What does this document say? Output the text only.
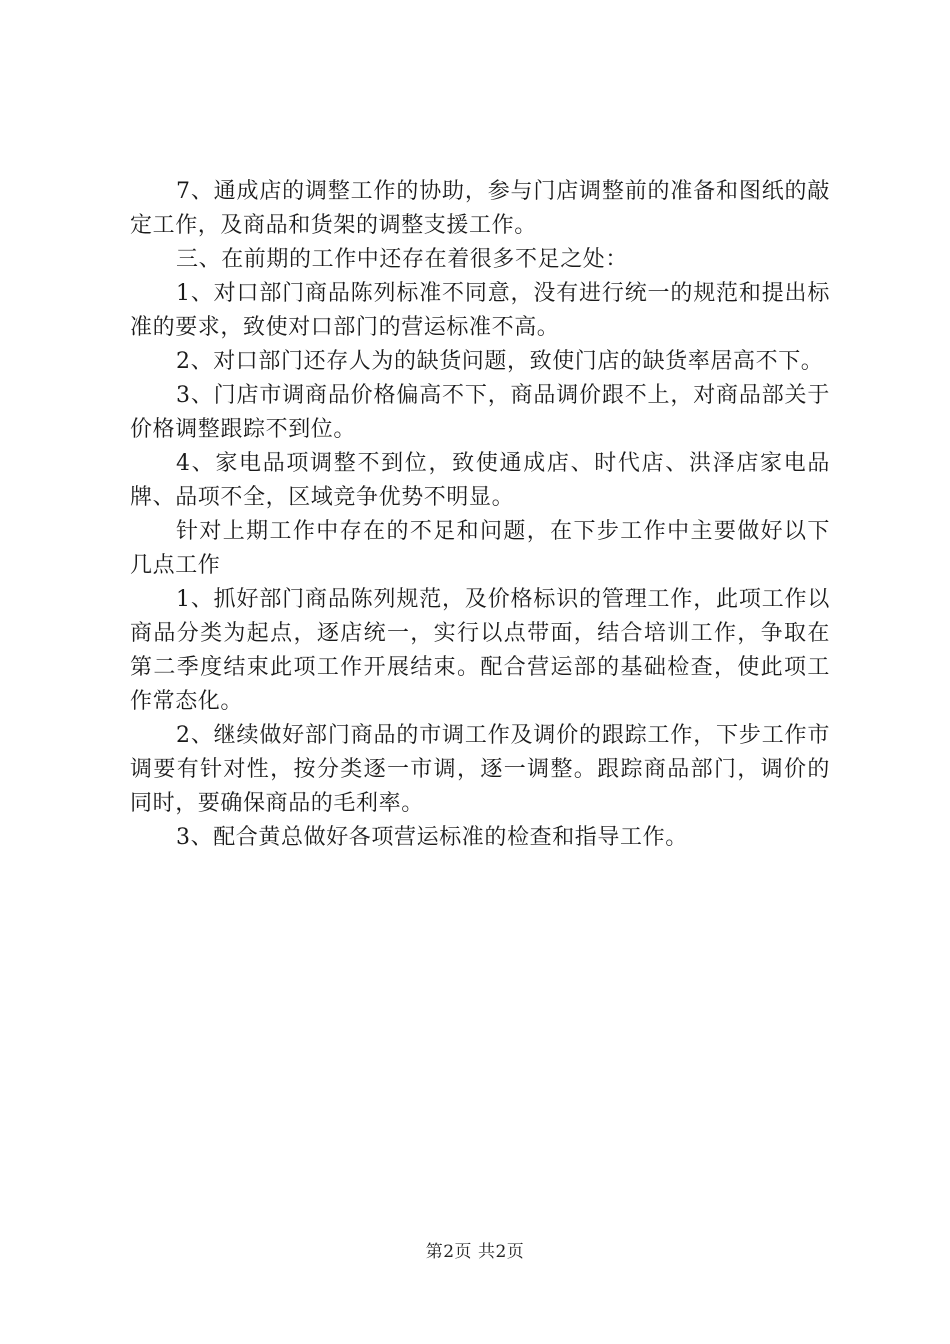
7、通成店的调整工作的协助，参与门店调整前的准备和图纸的敲定工作，及商品和货架的调整支援工作。

三、在前期的工作中还存在着很多不足之处：

1、对口部门商品陈列标准不同意，没有进行统一的规范和提出标准的要求，致使对口部门的营运标准不高。

2、对口部门还存人为的缺货问题，致使门店的缺货率居高不下。

3、门店市调商品价格偏高不下，商品调价跟不上，对商品部关于价格调整跟踪不到位。

4、家电品项调整不到位，致使通成店、时代店、洪泽店家电品牌、品项不全，区域竞争优势不明显。

针对上期工作中存在的不足和问题，在下步工作中主要做好以下几点工作

1、抓好部门商品陈列规范，及价格标识的管理工作，此项工作以商品分类为起点，逐店统一，实行以点带面，结合培训工作，争取在第二季度结束此项工作开展结束。配合营运部的基础检查，使此项工作常态化。

2、继续做好部门商品的市调工作及调价的跟踪工作，下步工作市调要有针对性，按分类逐一市调，逐一调整。跟踪商品部门，调价的同时，要确保商品的毛利率。

3、配合黄总做好各项营运标准的检查和指导工作。

第2页 共2页
